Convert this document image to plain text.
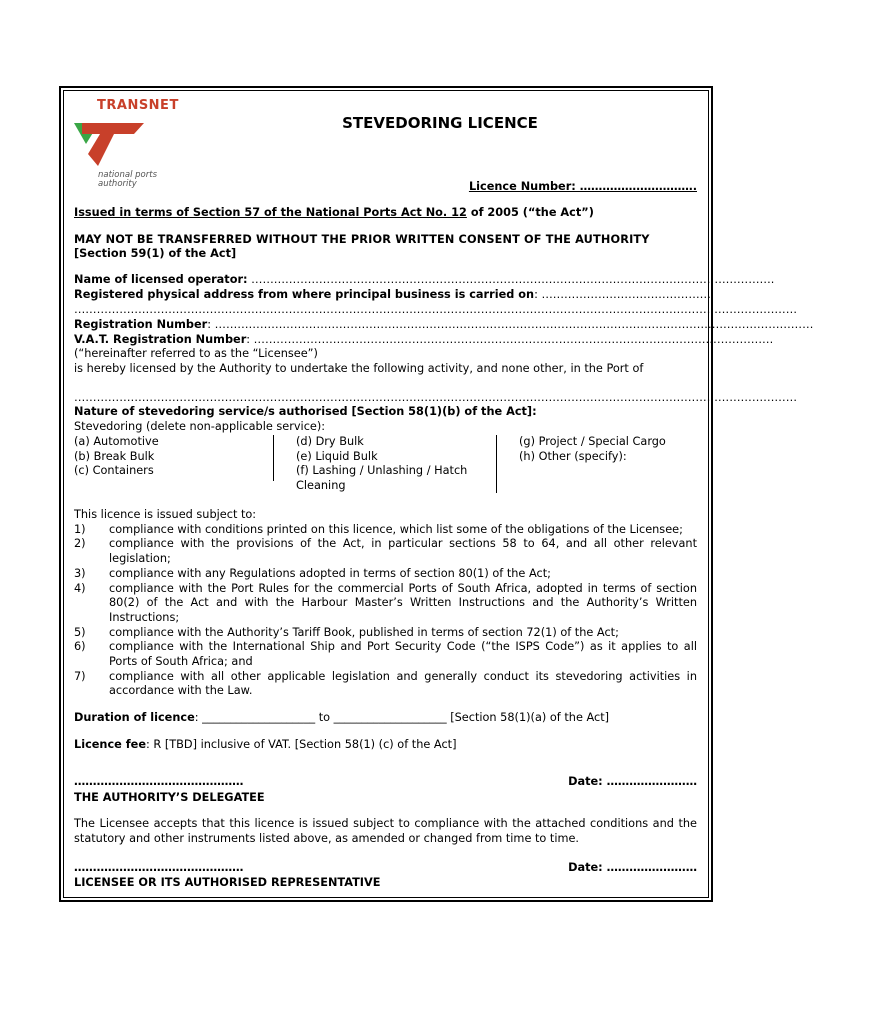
TRANSNET
national ports
authority
STEVEDORING LICENCE
Licence Number: ………………………….
Issued in terms of Section 57 of the National Ports Act No. 12 of 2005 (“the Act”)
MAY NOT BE TRANSFERRED WITHOUT THE PRIOR WRITTEN CONSENT OF THE AUTHORITY
[Section 59(1) of the Act]
Name of licensed operator: ………………………………………………………………………………………………………………………….
Registered physical address from where principal business is carried on: ………………………………………
…………………………………………………………………………………………………………………………………………………………………………
Registration Number: ……………………………………………………………………………………………………………………………………………
V.A.T. Registration Number: …………………………………………………………………………………………………………………………
(“hereinafter referred to as the “Licensee”)
is hereby licensed by the Authority to undertake the following activity, and none other, in the Port of
…………………………………………………………………………………………………………………………………………………………………………
Nature of stevedoring service/s authorised [Section 58(1)(b) of the Act]:
Stevedoring (delete non-applicable service):
(a) Automotive
(b) Break Bulk
(c) Containers
(d) Dry Bulk
(e) Liquid Bulk
(f) Lashing / Unlashing / Hatch
Cleaning
(g) Project / Special Cargo
(h) Other (specify):
This licence is issued subject to:
1)	compliance with conditions printed on this licence, which list some of the obligations of the Licensee;
2)	compliance with the provisions of the Act, in particular sections 58 to 64, and all other relevant legislation;
3)	compliance with any Regulations adopted in terms of section 80(1) of the Act;
4)	compliance with the Port Rules for the commercial Ports of South Africa, adopted in terms of section 80(2) of the Act and with the Harbour Master’s Written Instructions and the Authority’s Written Instructions;
5)	compliance with the Authority’s Tariff Book, published in terms of section 72(1) of the Act;
6)	compliance with the International Ship and Port Security Code (“the ISPS Code”) as it applies to all Ports of South Africa; and
7)	compliance with all other applicable legislation and generally conduct its stevedoring activities in accordance with the Law.
Duration of licence: ____________________ to ____________________ [Section 58(1)(a) of the Act]
Licence fee: R [TBD] inclusive of VAT. [Section 58(1) (c) of the Act]
………………………………………	Date: ……………………
THE AUTHORITY’S DELEGATEE
The Licensee accepts that this licence is issued subject to compliance with the attached conditions and the statutory and other instruments listed above, as amended or changed from time to time.
………………………………………	Date: ……………………
LICENSEE OR ITS AUTHORISED REPRESENTATIVE
